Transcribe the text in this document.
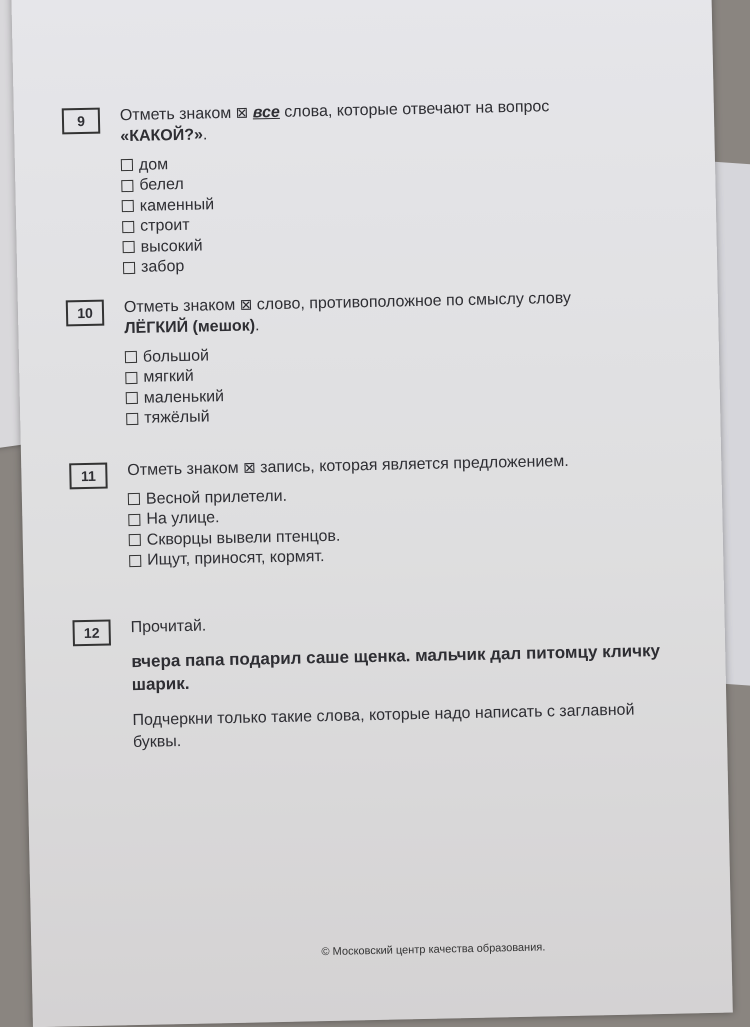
9	Отметь знаком ⊠ все слова, которые отвечают на вопрос
«КАКОЙ?».
дом
белел
каменный
строит
высокий
забор
10	Отметь знаком ⊠ слово, противоположное по смыслу слову
ЛЁГКИЙ (мешок).
большой
мягкий
маленький
тяжёлый
11	Отметь знаком ⊠ запись, которая является предложением.
Весной прилетели.
На улице.
Скворцы вывели птенцов.
Ищут, приносят, кормят.
12	Прочитай.
вчера папа подарил саше щенка. мальчик дал питомцу кличку шарик.
Подчеркни только такие слова, которые надо написать с заглавной буквы.
© Московский центр качества образования.
